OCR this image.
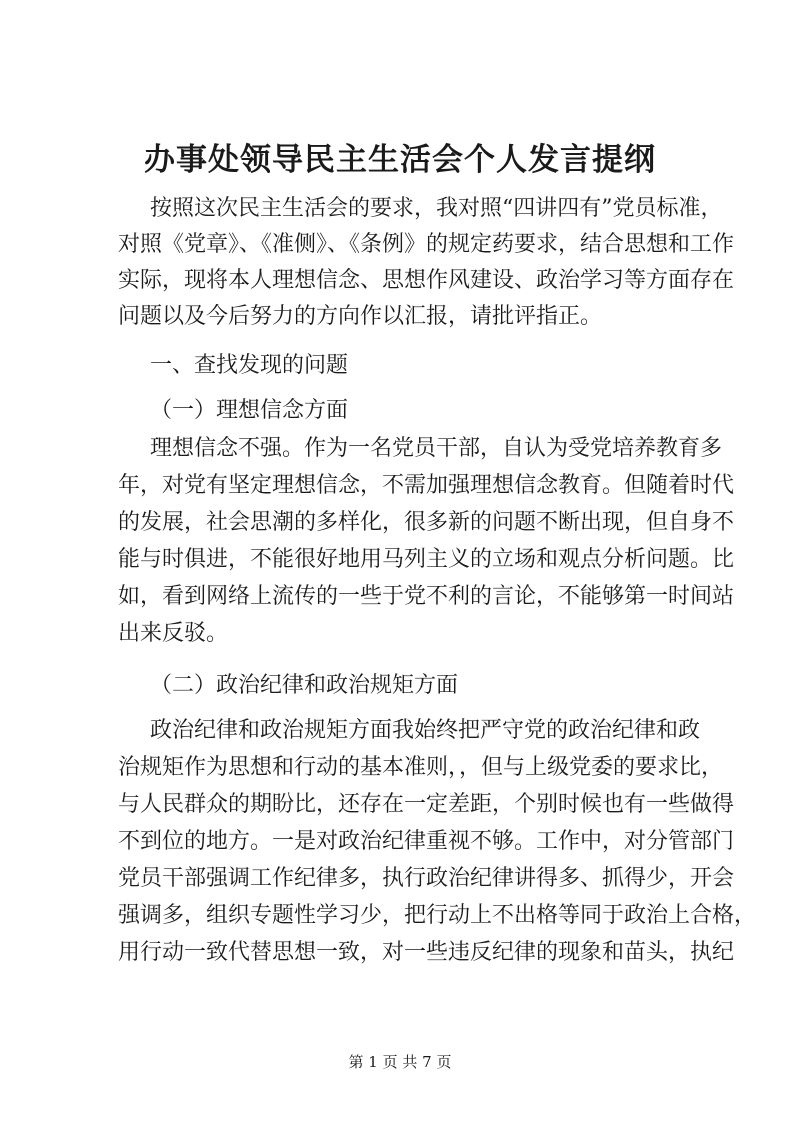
办事处领导民主生活会个人发言提纲
按照这次民主生活会的要求，我对照“四讲四有”党员标准，
对照《党章》、《准侧》、《条例》的规定药要求，结合思想和工作
实际，现将本人理想信念、思想作风建设、政治学习等方面存在
问题以及今后努力的方向作以汇报，请批评指正。
一、查找发现的问题
（一）理想信念方面
理想信念不强。作为一名党员干部，自认为受党培养教育多
年，对党有坚定理想信念，不需加强理想信念教育。但随着时代
的发展，社会思潮的多样化，很多新的问题不断出现，但自身不
能与时俱进，不能很好地用马列主义的立场和观点分析问题。比
如，看到网络上流传的一些于党不利的言论，不能够第一时间站
出来反驳。
（二）政治纪律和政治规矩方面
政治纪律和政治规矩方面我始终把严守党的政治纪律和政
治规矩作为思想和行动的基本准则，，但与上级党委的要求比，
与人民群众的期盼比，还存在一定差距，个别时候也有一些做得
不到位的地方。一是对政治纪律重视不够。工作中，对分管部门
党员干部强调工作纪律多，执行政治纪律讲得多、抓得少，开会
强调多，组织专题性学习少，把行动上不出格等同于政治上合格，
用行动一致代替思想一致，对一些违反纪律的现象和苗头，执纪
第 1 页 共 7 页
